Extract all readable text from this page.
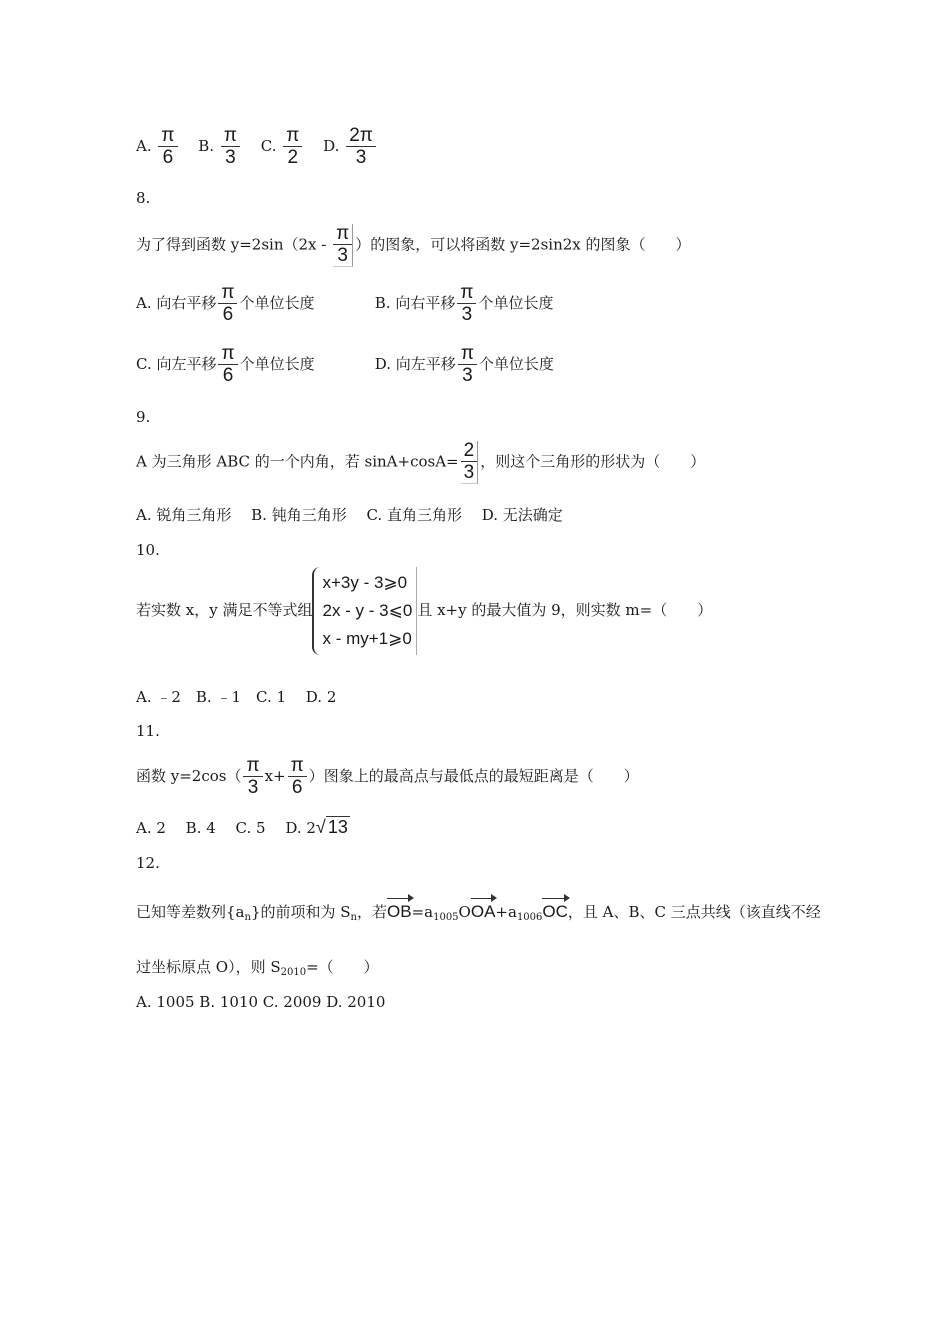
A. $\frac{\pi}{6} B$. $\frac{\pi}{3} C$. $\frac{\pi}{2} D$. $\frac{2\pi}{3}$
8.
为了得到函数 $y=2\sin(2x - \frac{\pi}{3}$ ）的图象，可以将函数 y=2sin2x 的图象（　　）
A. 向右平移 $\frac{\pi}{6}$ 个单位长度	B. 向右平移 $\frac{\pi}{3}$ 个单位长度
C. 向左平移 $\frac{\pi}{6}$ 个单位长度	D. 向左平移 $\frac{\pi}{3}$ 个单位长度
9.
A 为三角形 ABC 的一个内角，若 $\sin A+\cos A= \frac{2}{3}$ ，则这个三角形的形状为（　　）
A. 锐角三角形　 B. 钝角三角形　 C. 直角三角形　 D. 无法确定
10.
若实数 x，y 满足不等式组
x+3y - 3⩾0
2x - y - 3⩽0
x - my+1⩾0
且 x+y 的最大值为 9，则实数 m=（　　）
A. ﹣2　B. ﹣1　C. 1　 D. 2
11.
函数 $y=2\cos( \frac{\pi}{3} x+ \frac{\pi}{6}$ ）图象上的最高点与最低点的最短距离是（　　）
A. 2　 B. 4　 C. 5　 D. 2√ 13
12.
已知等差数列$\{a_n\}$的前项和为 $S_n$，若$OB=a_{1005}OOA+a_{1006}OC$，且 A、B、C 三点共线（该直线不经
过坐标原点 O），则 $S_{2010}=$（　　）
A. 1005 B. 1010 C. 2009 D. 2010
